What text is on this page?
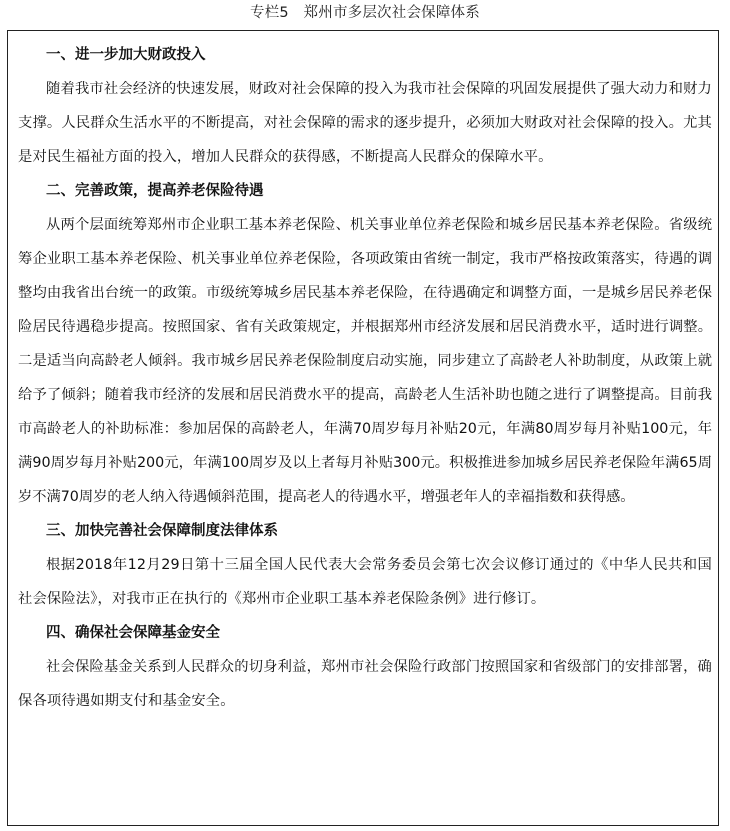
专栏5　郑州市多层次社会保障体系
一、进一步加大财政投入
随着我市社会经济的快速发展，财政对社会保障的投入为我市社会保障的巩固发展提供了强大动力和财力支撑。人民群众生活水平的不断提高，对社会保障的需求的逐步提升，必须加大财政对社会保障的投入。尤其是对民生福祉方面的投入，增加人民群众的获得感，不断提高人民群众的保障水平。
二、完善政策，提高养老保险待遇
从两个层面统筹郑州市企业职工基本养老保险、机关事业单位养老保险和城乡居民基本养老保险。省级统筹企业职工基本养老保险、机关事业单位养老保险，各项政策由省统一制定，我市严格按政策落实，待遇的调整均由我省出台统一的政策。市级统筹城乡居民基本养老保险，在待遇确定和调整方面，一是城乡居民养老保险居民待遇稳步提高。按照国家、省有关政策规定，并根据郑州市经济发展和居民消费水平，适时进行调整。二是适当向高龄老人倾斜。我市城乡居民养老保险制度启动实施，同步建立了高龄老人补助制度，从政策上就给予了倾斜；随着我市经济的发展和居民消费水平的提高，高龄老人生活补助也随之进行了调整提高。目前我市高龄老人的补助标准：参加居保的高龄老人，年满70周岁每月补贴20元，年满80周岁每月补贴100元，年满90周岁每月补贴200元，年满100周岁及以上者每月补贴300元。积极推进参加城乡居民养老保险年满65周岁不满70周岁的老人纳入待遇倾斜范围，提高老人的待遇水平，增强老年人的幸福指数和获得感。
三、加快完善社会保障制度法律体系
根据2018年12月29日第十三届全国人民代表大会常务委员会第七次会议修订通过的《中华人民共和国社会保险法》，对我市正在执行的《郑州市企业职工基本养老保险条例》进行修订。
四、确保社会保障基金安全
社会保险基金关系到人民群众的切身利益，郑州市社会保险行政部门按照国家和省级部门的安排部署，确保各项待遇如期支付和基金安全。
